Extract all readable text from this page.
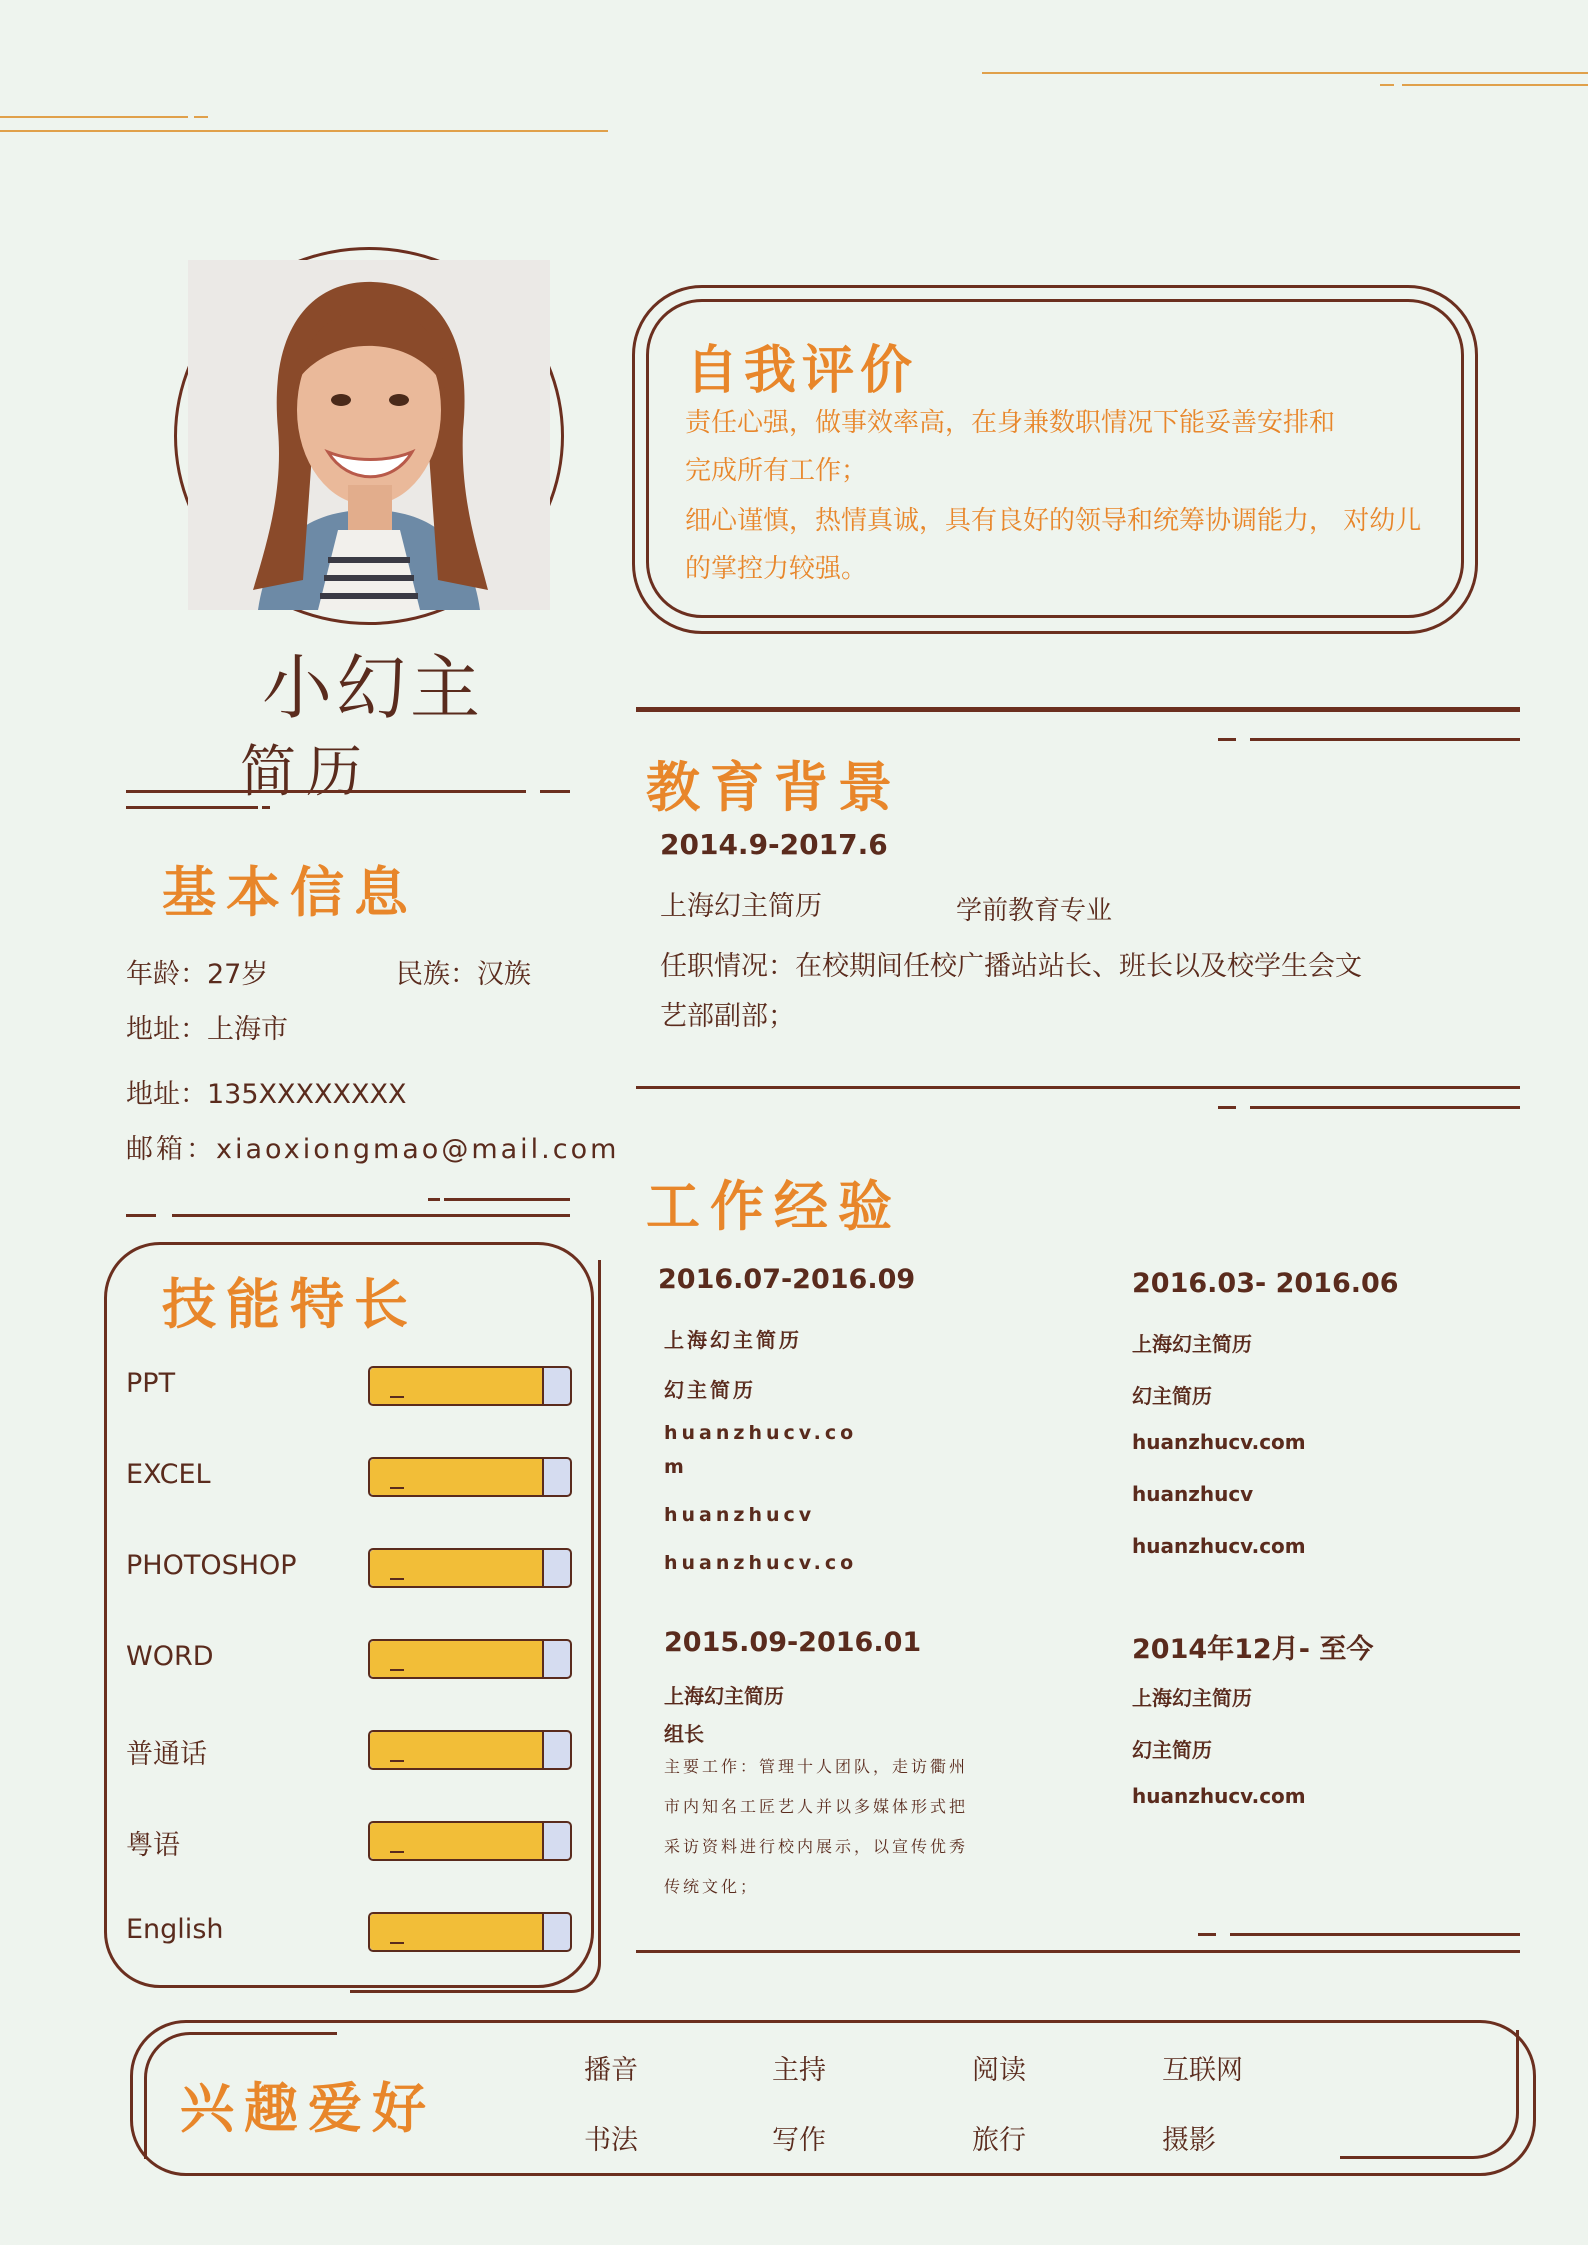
小幻主
简历
自我评价
责任心强，做事效率高，在身兼数职情况下能妥善安排和
完成所有工作；
细心谨慎，热情真诚，具有良好的领导和统筹协调能力， 对幼儿
的掌控力较强。
教育背景
2014.9-2017.6
上海幻主简历	学前教育专业
任职情况：在校期间任校广播站站长、班长以及校学生会文
艺部副部；
基本信息
年龄：27岁	民族：汉族
地址：上海市
地址：135XXXXXXXX
邮箱：xiaoxiongmao@mail.com
技能特长
PPT
EXCEL
PHOTOSHOP
WORD
普通话
粤语
English
工作经验
2016.07-2016.09
上海幻主简历
幻主简历
huanzhucv.co
m
huanzhucv
huanzhucv.co
2016.03- 2016.06
上海幻主简历
幻主简历
huanzhucv.com
huanzhucv
huanzhucv.com
2015.09-2016.01
上海幻主简历
组长
主要工作：管理十人团队，走访衢州
市内知名工匠艺人并以多媒体形式把
采访资料进行校内展示，以宣传优秀
传统文化；
2014年12月- 至今
上海幻主简历
幻主简历
huanzhucv.com
兴趣爱好
播音	主持	阅读	互联网
书法	写作	旅行	摄影
